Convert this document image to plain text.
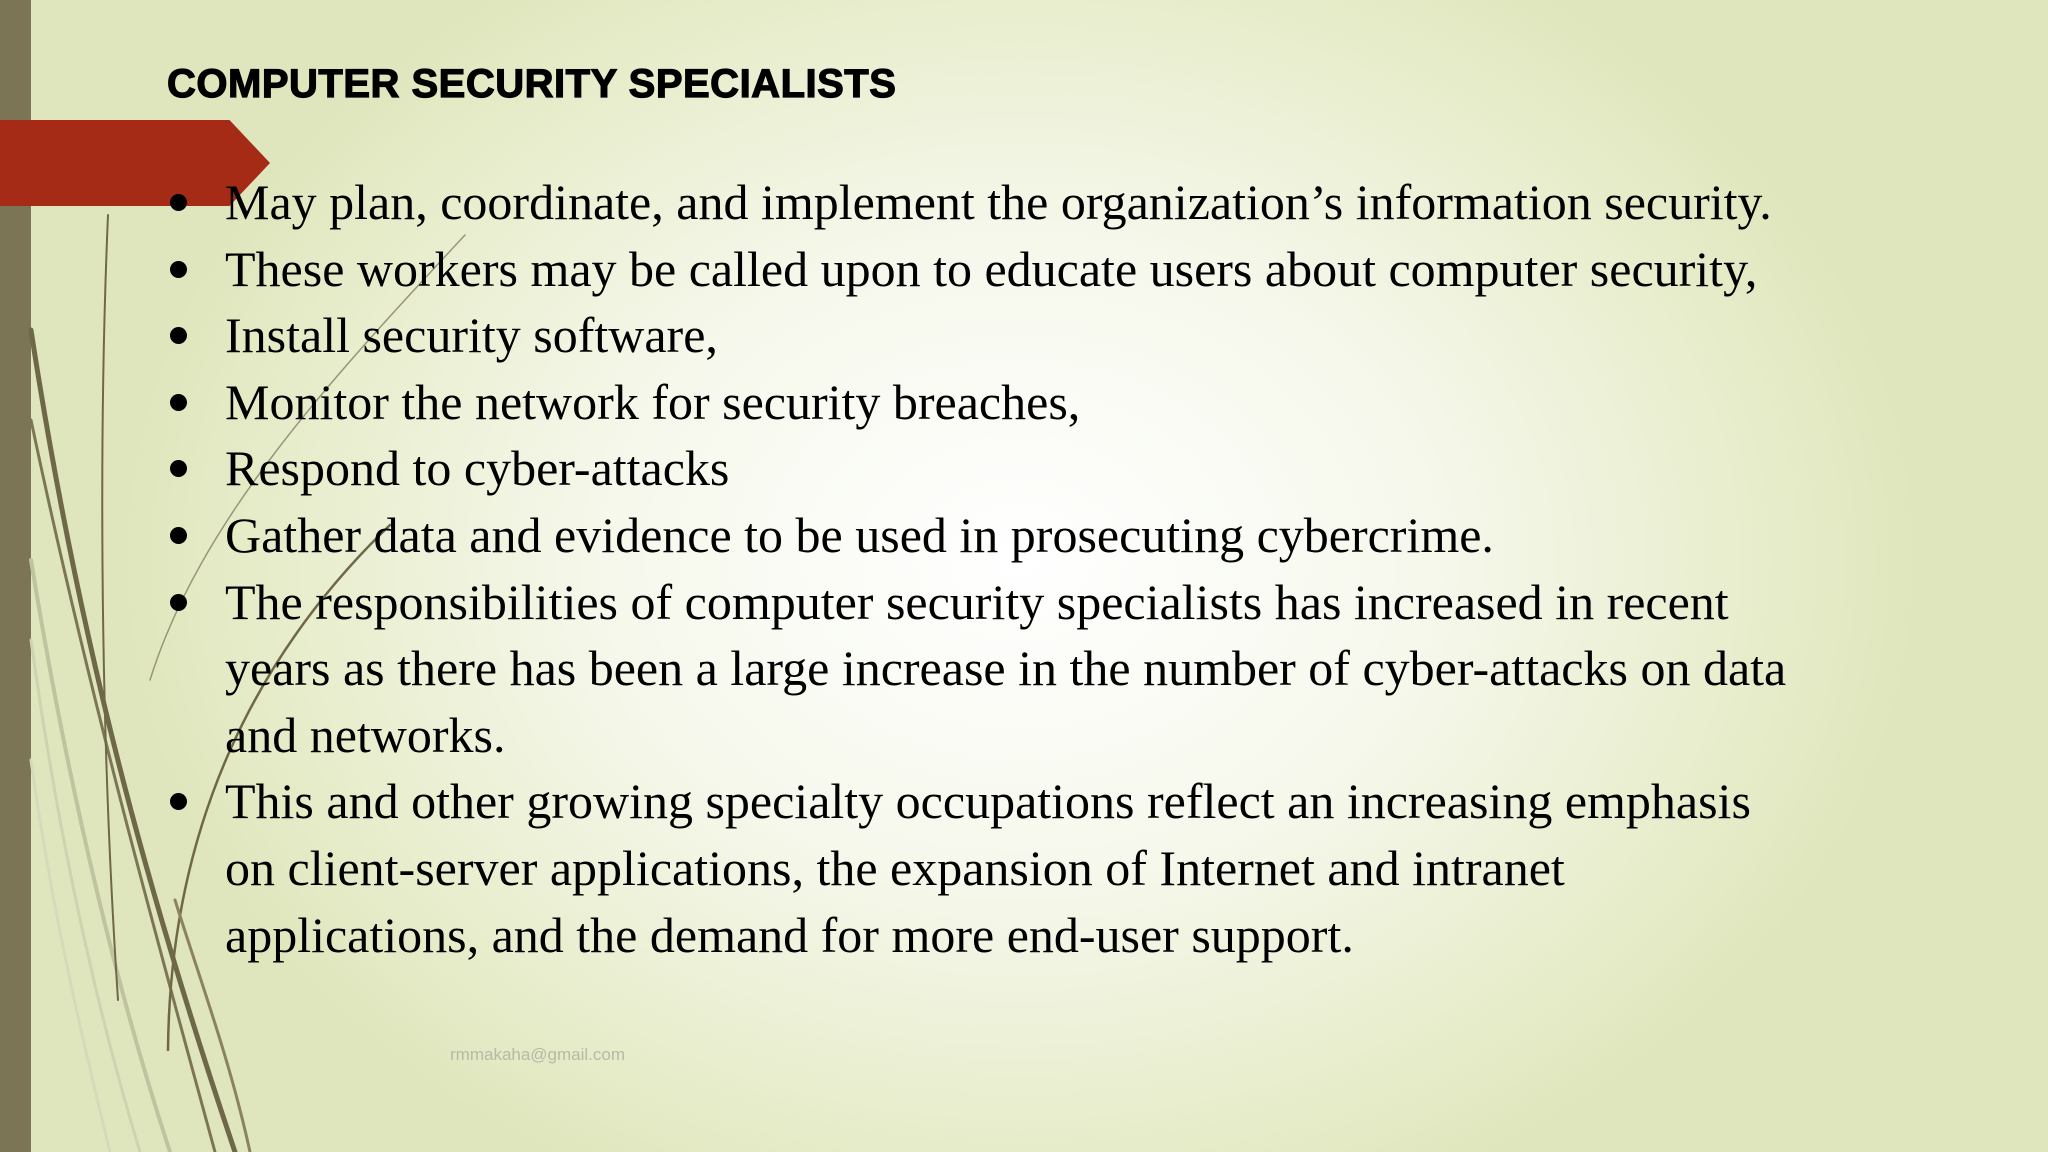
COMPUTER SECURITY SPECIALISTS
May plan, coordinate, and implement the organization’s information security.
These workers may be called upon to educate users about computer security,
Install security software,
Monitor the network for security breaches,
Respond to cyber-attacks
Gather data and evidence to be used in prosecuting cybercrime.
The responsibilities of computer security specialists has increased in recent years as there has been a large increase in the number of cyber-attacks on data and networks.
This and other growing specialty occupations reflect an increasing emphasis on client-server applications, the expansion of Internet and intranet applications, and the demand for more end-user support.
rmmakaha@gmail.com
